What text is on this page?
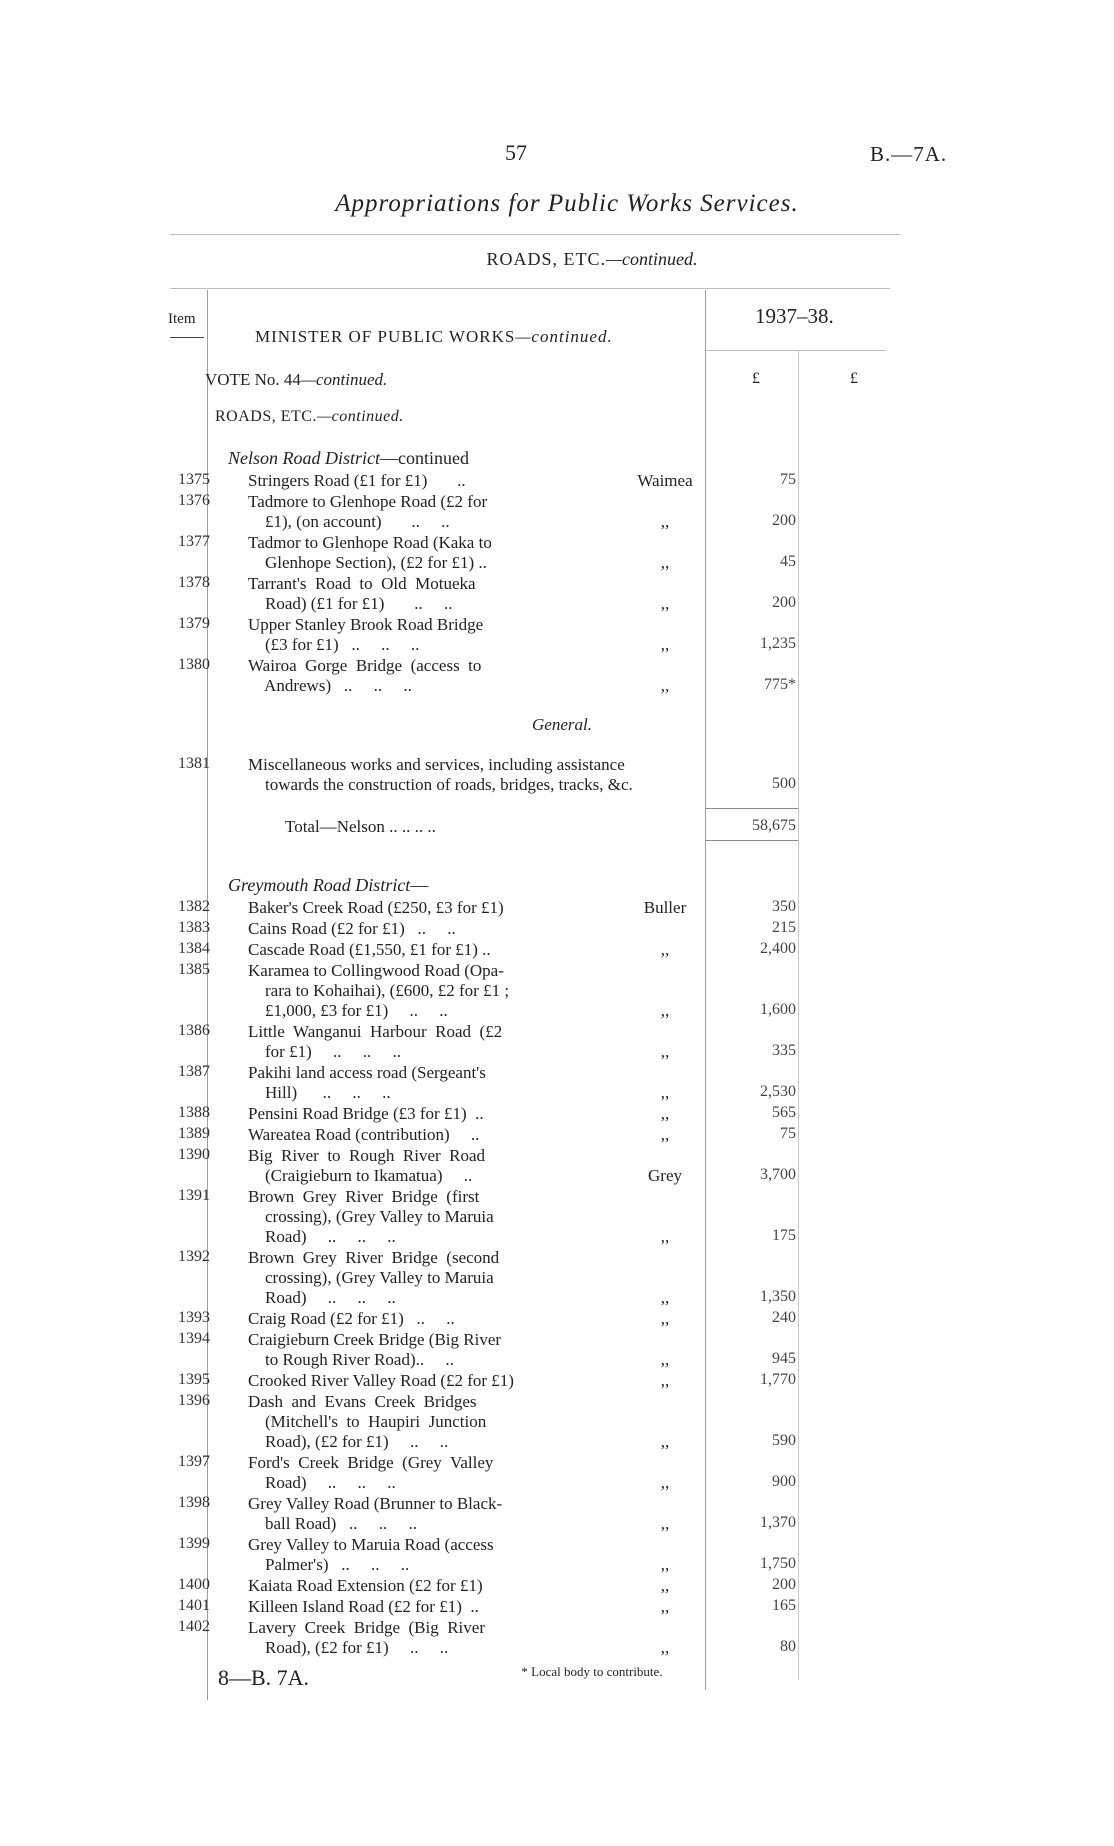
57	B.—7A.
Appropriations for Public Works Services.
ROADS, ETC.—continued.
Item
MINISTER OF PUBLIC WORKS—continued.
1937–38.
VOTE No. 44—continued.	£	£
ROADS, ETC.—continued.
Nelson Road District—continued
1375 Stringers Road (£1 for £1)       ..	Waimea	75
1376 Tadmore to Glenhope Road (£2 for
£1), (on account)       ..     ..	,,	200
1377 Tadmor to Glenhope Road (Kaka to
Glenhope Section), (£2 for £1) ..	,,	45
1378 Tarrant's  Road  to  Old  Motueka
Road) (£1 for £1)       ..     ..	,,	200
1379 Upper Stanley Brook Road Bridge
(£3 for £1)   ..     ..     ..	,,	1,235
1380 Wairoa  Gorge  Bridge  (access  to
Andrews)   ..     ..     ..	,,	775*
General.
1381 Miscellaneous works and services, including assistance
towards the construction of roads, bridges, tracks, &c.	500
Total—Nelson .. .. .. ..	58,675
Greymouth Road District—
1382 Baker's Creek Road (£250, £3 for £1)	Buller	350
1383 Cains Road (£2 for £1)   ..     ..	215
1384 Cascade Road (£1,550, £1 for £1) ..	,,	2,400
1385 Karamea to Collingwood Road (Opa-
rara to Kohaihai), (£600, £2 for £1 ;
£1,000, £3 for £1)     ..     ..	,,	1,600
1386 Little  Wanganui  Harbour  Road  (£2
for £1)     ..     ..     ..	,,	335
1387 Pakihi land access road (Sergeant's
Hill)      ..     ..     ..	,,	2,530
1388 Pensini Road Bridge (£3 for £1)  ..	,,	565
1389 Wareatea Road (contribution)     ..	,,	75
1390 Big  River  to  Rough  River  Road
(Craigieburn to Ikamatua)     ..	Grey	3,700
1391 Brown  Grey  River  Bridge  (first
crossing), (Grey Valley to Maruia
Road)     ..     ..     ..	,,	175
1392 Brown  Grey  River  Bridge  (second
crossing), (Grey Valley to Maruia
Road)     ..     ..     ..	,,	1,350
1393 Craig Road (£2 for £1)   ..     ..	,,	240
1394 Craigieburn Creek Bridge (Big River
to Rough River Road)..     ..	,,	945
1395 Crooked River Valley Road (£2 for £1)	,,	1,770
1396 Dash  and  Evans  Creek  Bridges
(Mitchell's  to  Haupiri  Junction
Road), (£2 for £1)     ..     ..	,,	590
1397 Ford's  Creek  Bridge  (Grey  Valley
Road)     ..     ..     ..	,,	900
1398 Grey Valley Road (Brunner to Black-
ball Road)   ..     ..     ..	,,	1,370
1399 Grey Valley to Maruia Road (access
Palmer's)   ..     ..     ..	,,	1,750
1400 Kaiata Road Extension (£2 for £1)	,,	200
1401 Killeen Island Road (£2 for £1)  ..	,,	165
1402 Lavery  Creek  Bridge  (Big  River
Road), (£2 for £1)     ..     ..	,,	80
* Local body to contribute.
8—B. 7A.
